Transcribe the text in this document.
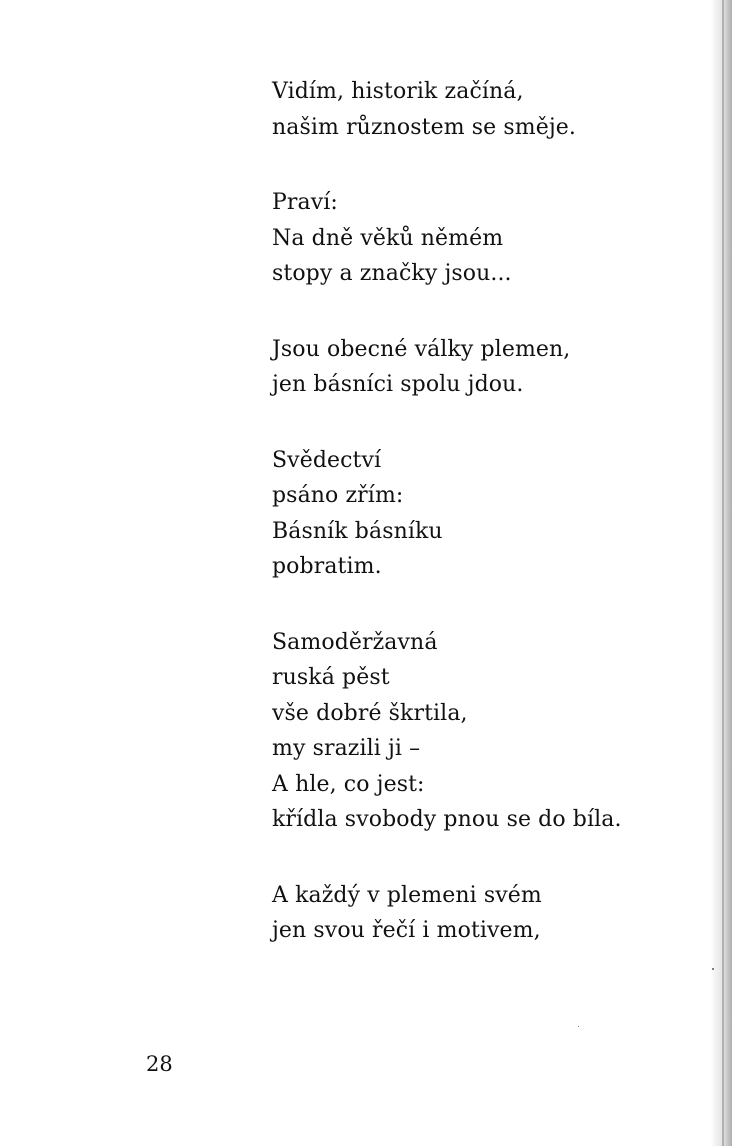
Vidím, historik začíná,
našim různostem se směje.
Praví:
Na dně věků němém
stopy a značky jsou...
Jsou obecné války plemen,
jen básníci spolu jdou.
Svědectví
psáno zřím:
Básník básníku
pobratim.
Samoděržavná
ruská pěst
vše dobré škrtila,
my srazili ji –
A hle, co jest:
křídla svobody pnou se do bíla.
A každý v plemeni svém
jen svou řečí i motivem,
28
